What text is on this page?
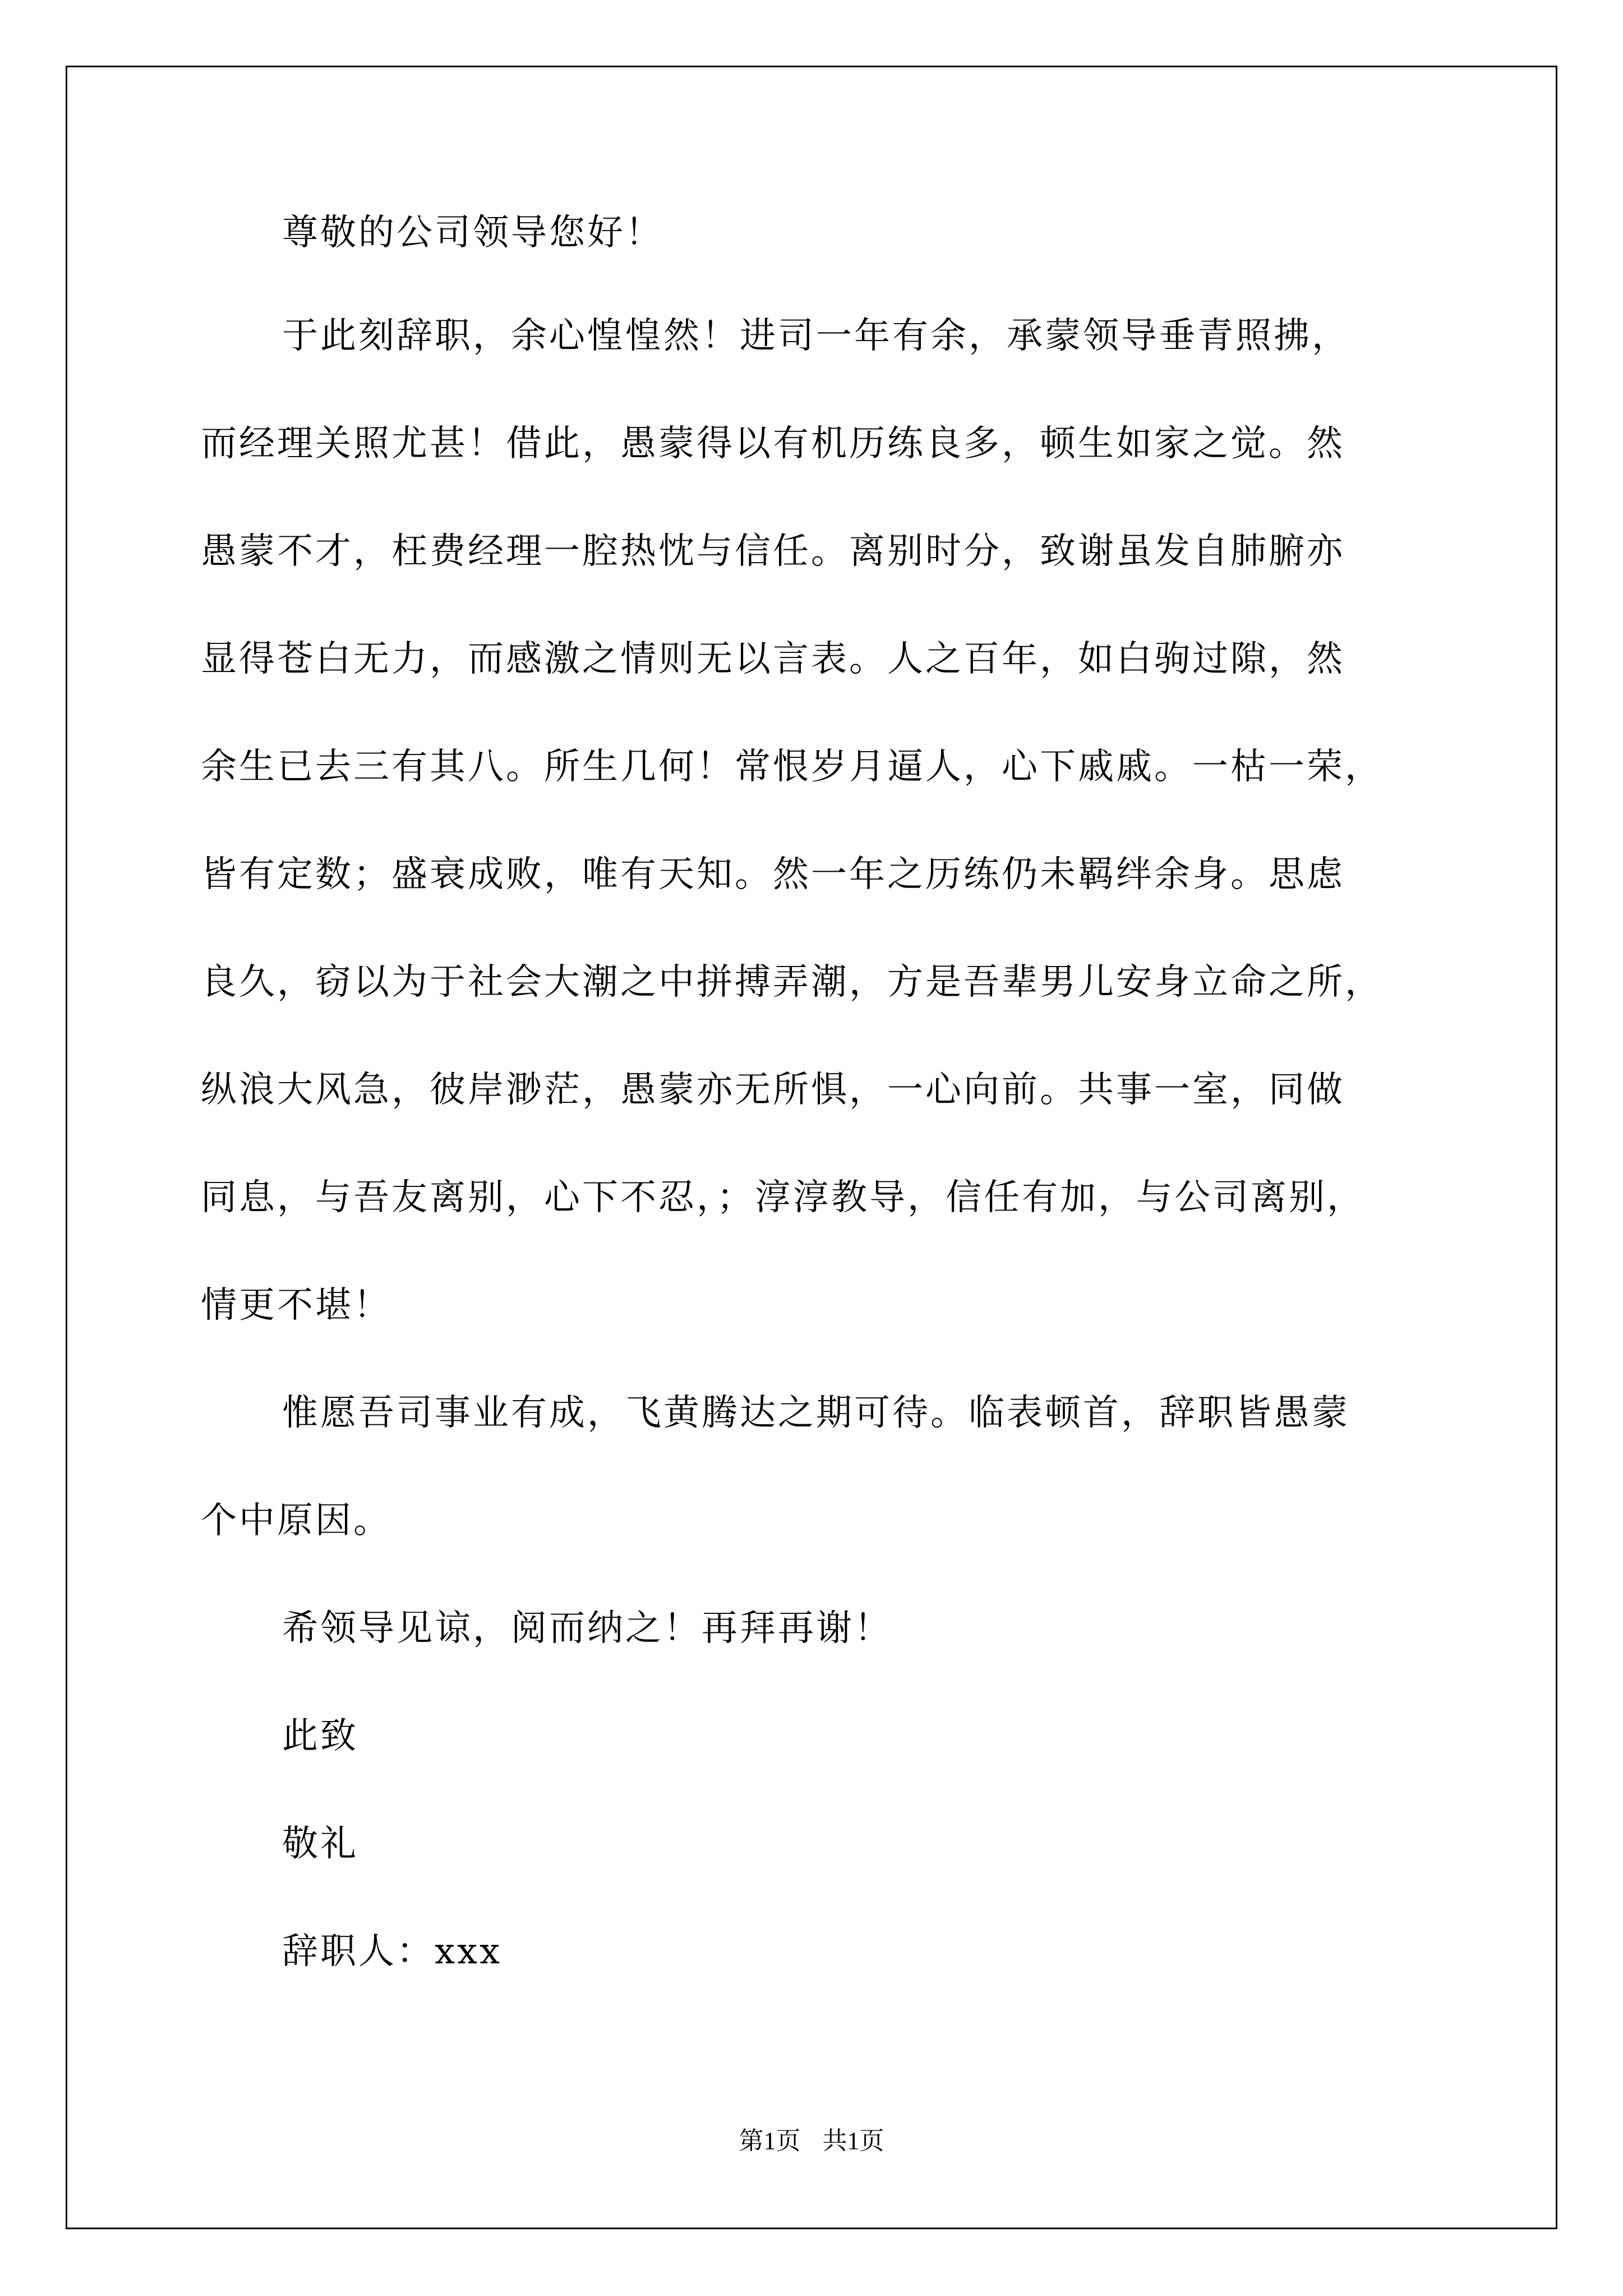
尊敬的公司领导您好！
于此刻辞职，余心惶惶然！进司一年有余，承蒙领导垂青照拂，
而经理关照尤甚！借此，愚蒙得以有机历练良多，顿生如家之觉。然
愚蒙不才，枉费经理一腔热忱与信任。离别时分，致谢虽发自肺腑亦
显得苍白无力，而感激之情则无以言表。人之百年，如白驹过隙，然
余生已去三有其八。所生几何！常恨岁月逼人，心下戚戚。一枯一荣，
皆有定数；盛衰成败，唯有天知。然一年之历练仍未羁绊余身。思虑
良久，窃以为于社会大潮之中拼搏弄潮，方是吾辈男儿安身立命之所，
纵浪大风急，彼岸渺茫，愚蒙亦无所惧，一心向前。共事一室，同做
同息，与吾友离别，心下不忍，；淳淳教导，信任有加，与公司离别，
情更不堪！
惟愿吾司事业有成，飞黄腾达之期可待。临表顿首，辞职皆愚蒙
个中原因。
希领导见谅，阅而纳之！再拜再谢！
此致
敬礼
辞职人：xxx
第1页 共1页
